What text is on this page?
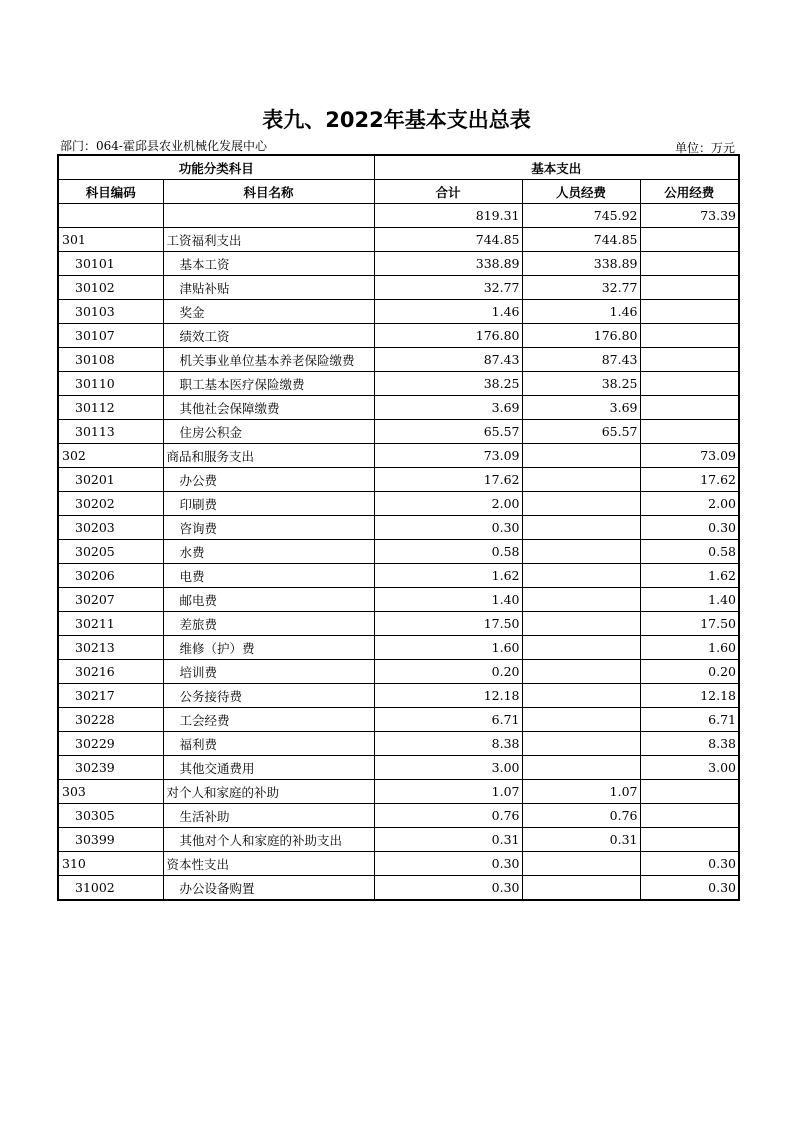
表九、2022年基本支出总表
部门：064-霍邱县农业机械化发展中心	单位：万元
功能分类科目		基本支出		
科目编码	科目名称	合计	人员经费	公用经费
		819.31	745.92	73.39
301	工资福利支出	744.85	744.85	
30101	基本工资	338.89	338.89	
30102	津贴补贴	32.77	32.77	
30103	奖金	1.46	1.46	
30107	绩效工资	176.80	176.80	
30108	机关事业单位基本养老保险缴费	87.43	87.43	
30110	职工基本医疗保险缴费	38.25	38.25	
30112	其他社会保障缴费	3.69	3.69	
30113	住房公积金	65.57	65.57	
302	商品和服务支出	73.09		73.09
30201	办公费	17.62		17.62
30202	印刷费	2.00		2.00
30203	咨询费	0.30		0.30
30205	水费	0.58		0.58
30206	电费	1.62		1.62
30207	邮电费	1.40		1.40
30211	差旅费	17.50		17.50
30213	维修（护）费	1.60		1.60
30216	培训费	0.20		0.20
30217	公务接待费	12.18		12.18
30228	工会经费	6.71		6.71
30229	福利费	8.38		8.38
30239	其他交通费用	3.00		3.00
303	对个人和家庭的补助	1.07	1.07	
30305	生活补助	0.76	0.76	
30399	其他对个人和家庭的补助支出	0.31	0.31	
310	资本性支出	0.30		0.30
31002	办公设备购置	0.30		0.30
